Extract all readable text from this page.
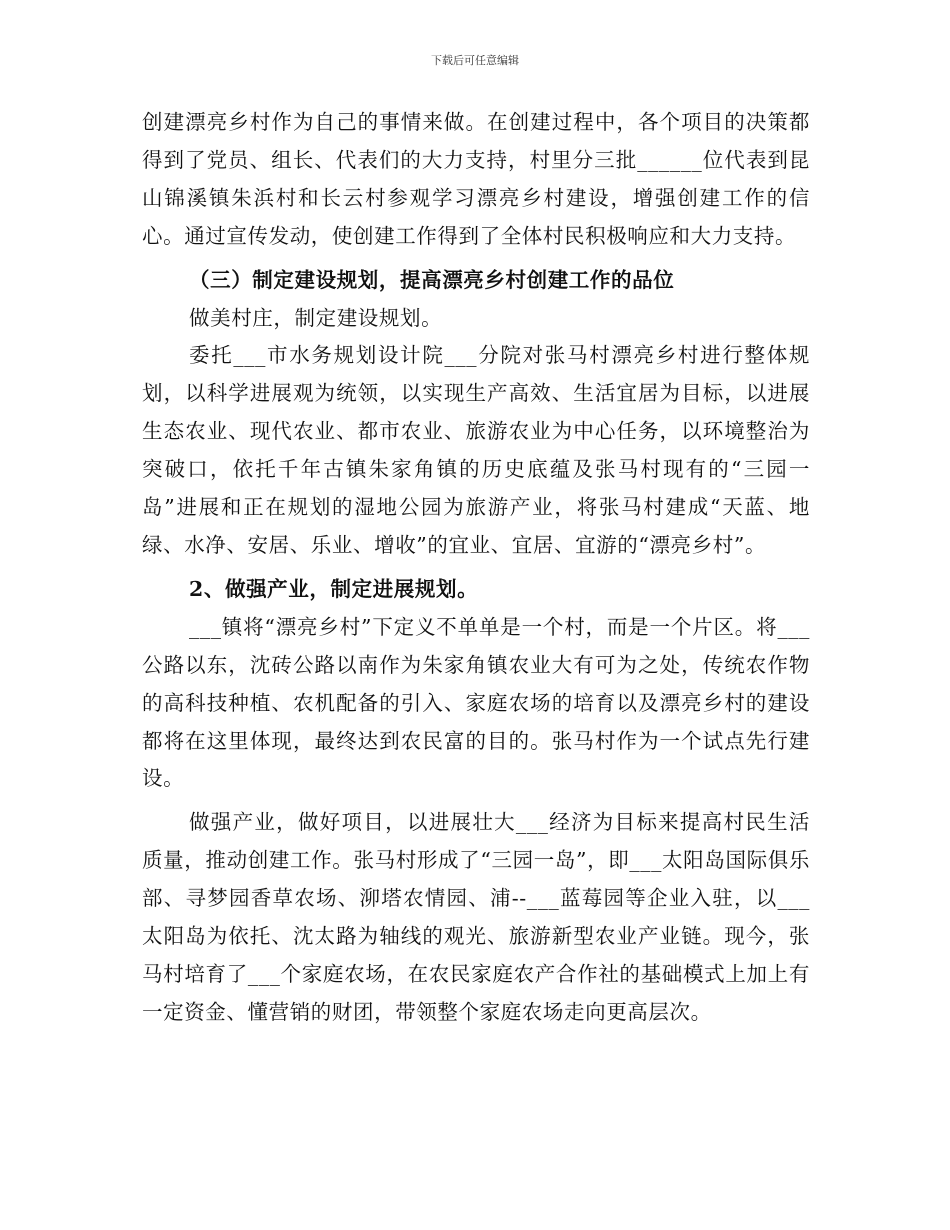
下载后可任意编辑

创建漂亮乡村作为自己的事情来做。在创建过程中，各个项目的决策都得到了党员、组长、代表们的大力支持，村里分三批______位代表到昆山锦溪镇朱浜村和长云村参观学习漂亮乡村建设，增强创建工作的信心。通过宣传发动，使创建工作得到了全体村民积极响应和大力支持。

（三）制定建设规划，提高漂亮乡村创建工作的品位

做美村庄，制定建设规划。

委托___市水务规划设计院___分院对张马村漂亮乡村进行整体规划，以科学进展观为统领，以实现生产高效、生活宜居为目标，以进展生态农业、现代农业、都市农业、旅游农业为中心任务，以环境整治为突破口，依托千年古镇朱家角镇的历史底蕴及张马村现有的“三园一岛”进展和正在规划的湿地公园为旅游产业，将张马村建成“天蓝、地绿、水净、安居、乐业、增收”的宜业、宜居、宜游的“漂亮乡村”。

2、做强产业，制定进展规划。

___镇将“漂亮乡村”下定义不单单是一个村，而是一个片区。将___公路以东，沈砖公路以南作为朱家角镇农业大有可为之处，传统农作物的高科技种植、农机配备的引入、家庭农场的培育以及漂亮乡村的建设都将在这里体现，最终达到农民富的目的。张马村作为一个试点先行建设。

做强产业，做好项目，以进展壮大___经济为目标来提高村民生活质量，推动创建工作。张马村形成了“三园一岛”，即___太阳岛国际俱乐部、寻梦园香草农场、泖塔农情园、浦--___蓝莓园等企业入驻，以___太阳岛为依托、沈太路为轴线的观光、旅游新型农业产业链。现今，张马村培育了___个家庭农场，在农民家庭农产合作社的基础模式上加上有一定资金、懂营销的财团，带领整个家庭农场走向更高层次。
